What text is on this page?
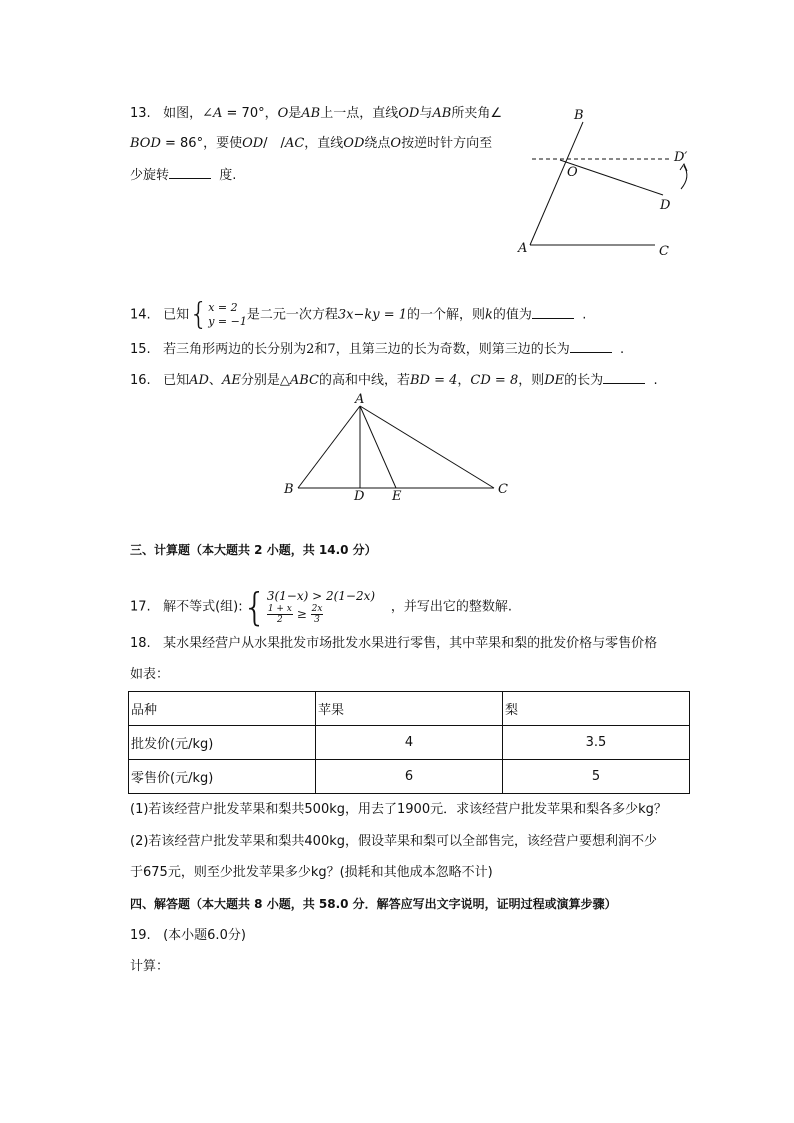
13. 如图，∠A = 70°，O是AB上一点，直线OD与AB所夹角∠
BOD = 86°，要使OD/　/AC，直线OD绕点O按逆时针方向至
少旋转	度.
B
O
D′
D
A	C
14. 已知{ x = 2
y = −1 是二元一次方程3x−ky = 1的一个解，则k的值为	.
15. 若三角形两边的长分别为2和7，且第三边的长为奇数，则第三边的长为	.
16. 已知AD、AE分别是△ABC的高和中线，若BD = 4，CD = 8，则DE的长为	.
A
B	D E	C
三、计算题（本大题共 2 小题，共 14.0 分）
17. 解不等式(组):{ 3(1−x) > 2(1−2x)
$\frac{1 + x}{2} \ge \frac{2x}{3}$	，并写出它的整数解.
18. 某水果经营户从水果批发市场批发水果进行零售，其中苹果和梨的批发价格与零售价格
如表：
品种	苹果	梨
批发价(元/kg)	4	3.5
零售价(元/kg)	6	5
(1)若该经营户批发苹果和梨共500kg，用去了1900元．求该经营户批发苹果和梨各多少kg？
(2)若该经营户批发苹果和梨共400kg，假设苹果和梨可以全部售完，该经营户要想利润不少
于675元，则至少批发苹果多少kg？(损耗和其他成本忽略不计)
四、解答题（本大题共 8 小题，共 58.0 分．解答应写出文字说明，证明过程或演算步骤）
19. (本小题6.0分)
计算：
